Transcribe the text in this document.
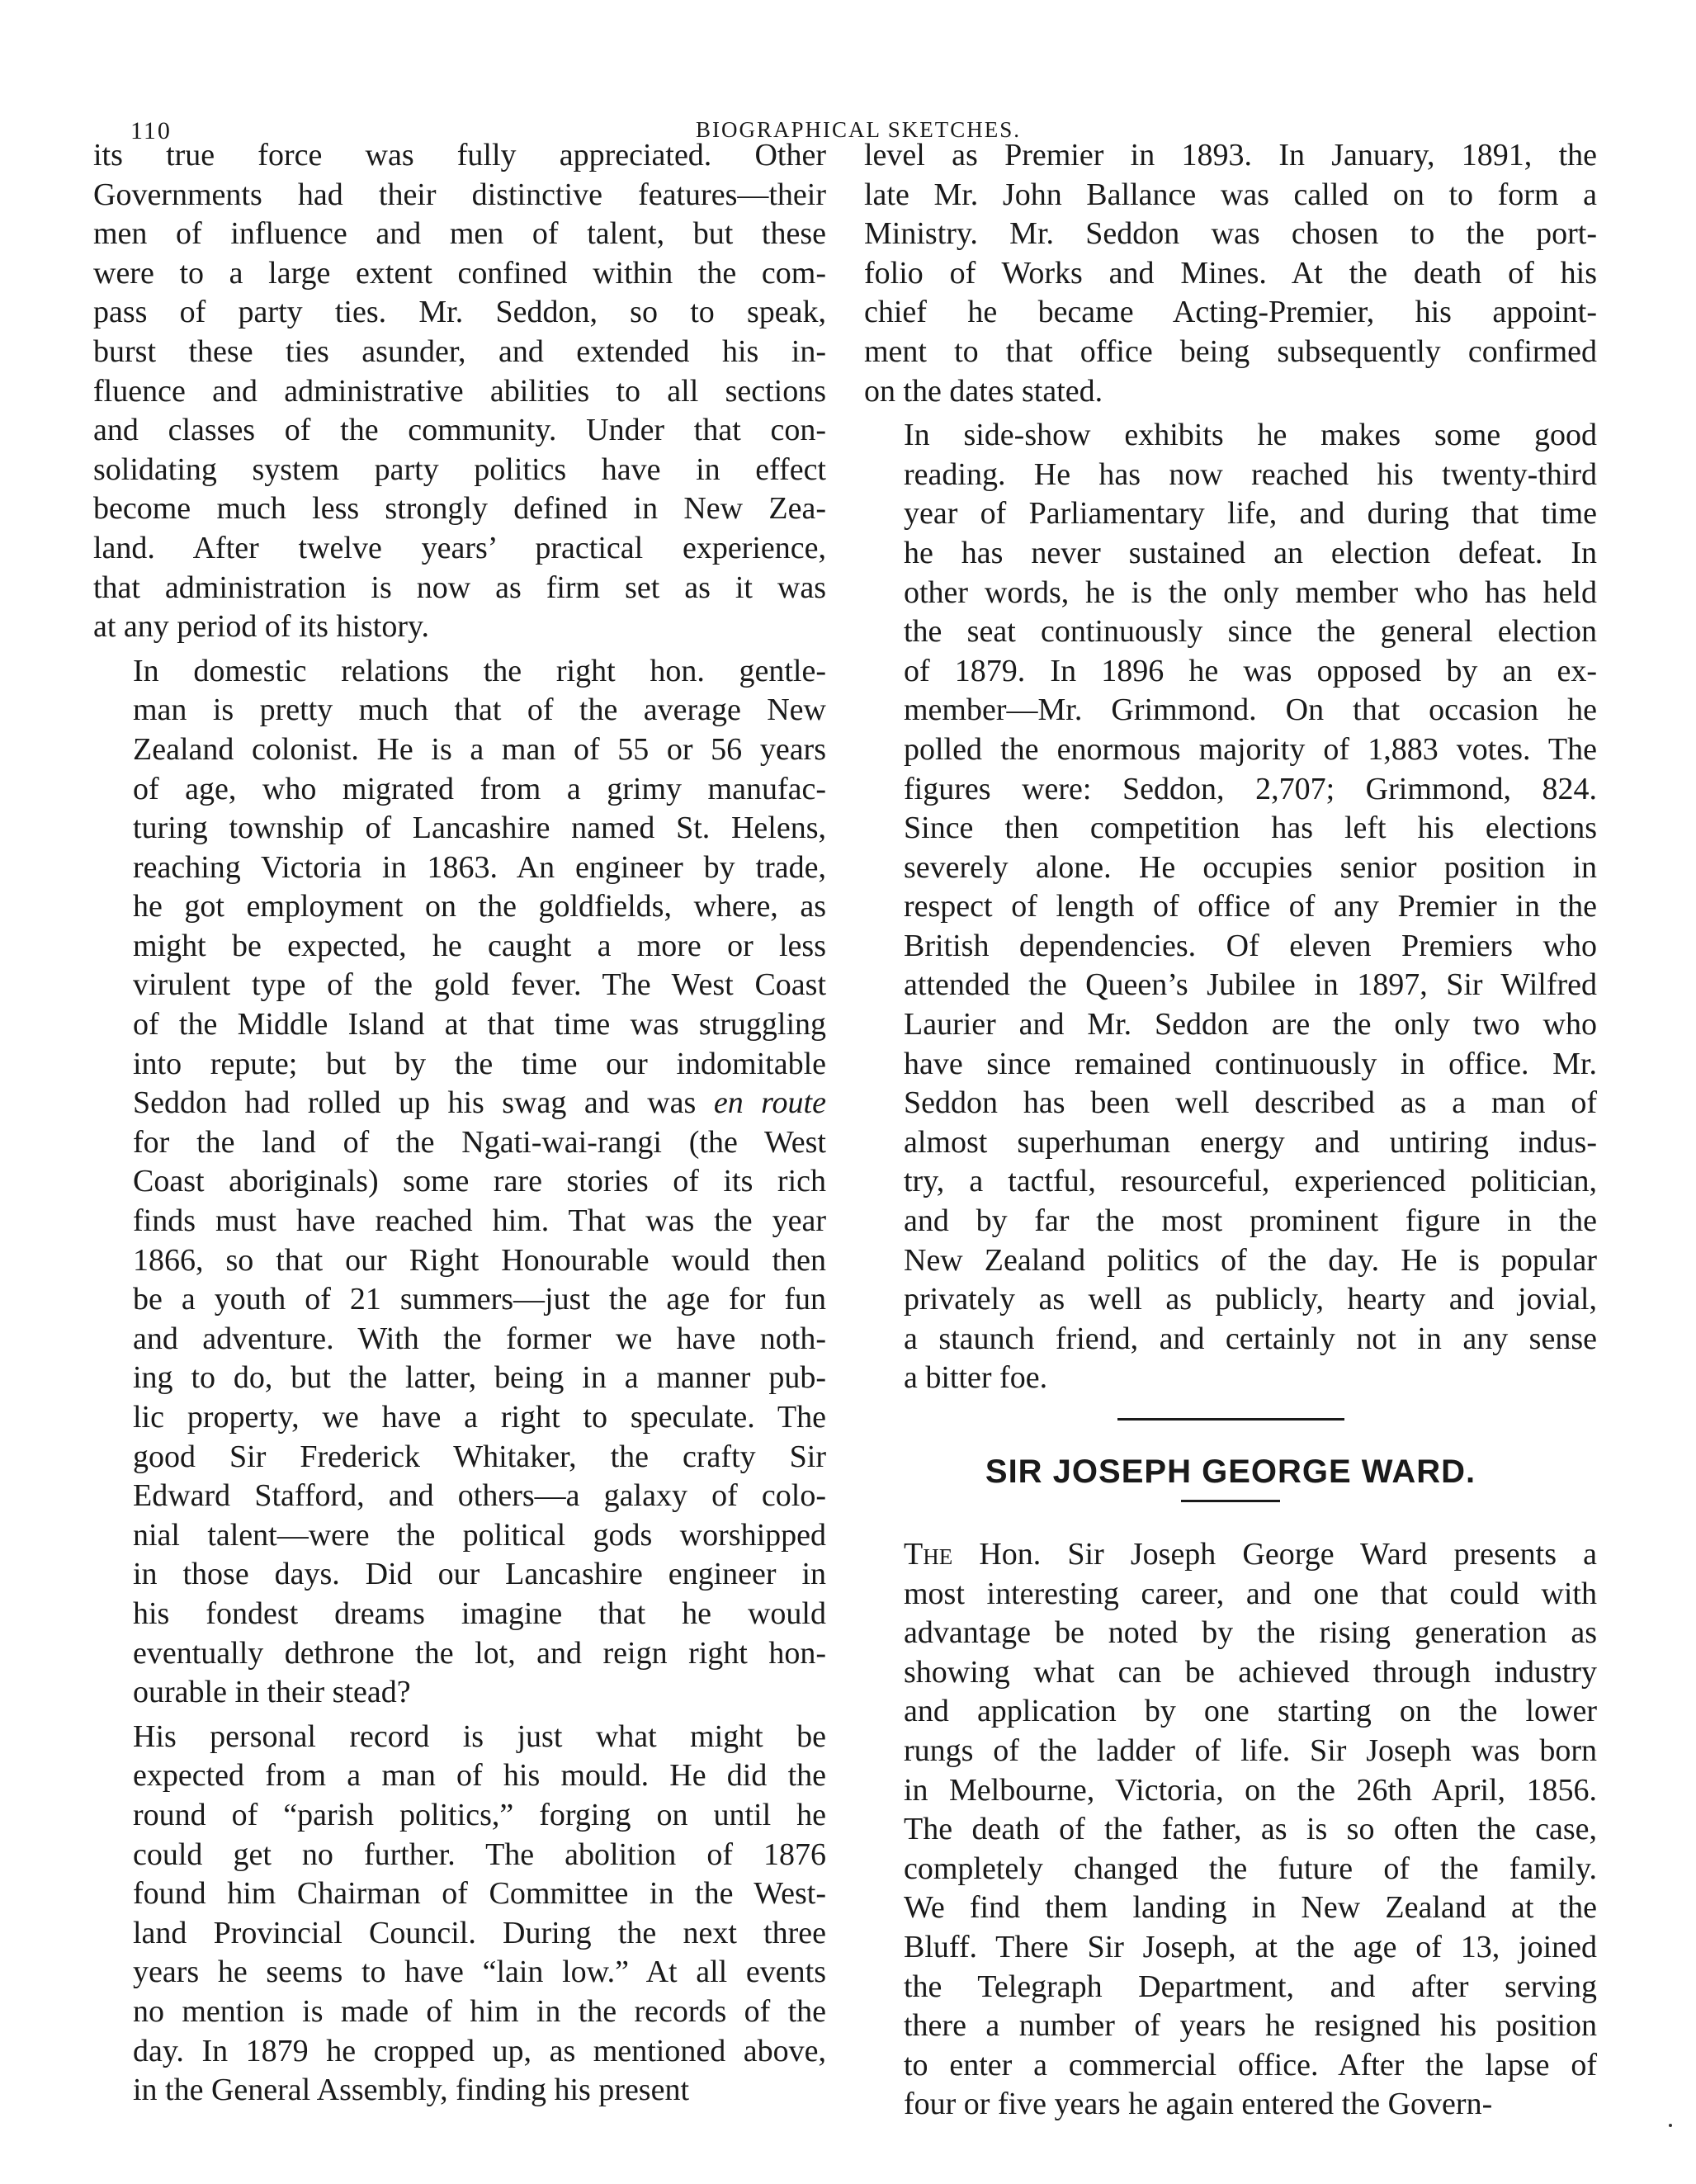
110	BIOGRAPHICAL SKETCHES.
its true force was fully appreciated. Other
Governments had their distinctive features—their
men of influence and men of talent, but these
were to a large extent confined within the com-
pass of party ties. Mr. Seddon, so to speak,
burst these ties asunder, and extended his in-
fluence and administrative abilities to all sections
and classes of the community. Under that con-
solidating system party politics have in effect
become much less strongly defined in New Zea-
land. After twelve years’ practical experience,
that administration is now as firm set as it was
at any period of its history.
In domestic relations the right hon. gentle-
man is pretty much that of the average New
Zealand colonist. He is a man of 55 or 56 years
of age, who migrated from a grimy manufac-
turing township of Lancashire named St. Helens,
reaching Victoria in 1863. An engineer by trade,
he got employment on the goldfields, where, as
might be expected, he caught a more or less
virulent type of the gold fever. The West Coast
of the Middle Island at that time was struggling
into repute; but by the time our indomitable
Seddon had rolled up his swag and was en route
for the land of the Ngati-wai-rangi (the West
Coast aboriginals) some rare stories of its rich
finds must have reached him. That was the year
1866, so that our Right Honourable would then
be a youth of 21 summers—just the age for fun
and adventure. With the former we have noth-
ing to do, but the latter, being in a manner pub-
lic property, we have a right to speculate. The
good Sir Frederick Whitaker, the crafty Sir
Edward Stafford, and others—a galaxy of colo-
nial talent—were the political gods worshipped
in those days. Did our Lancashire engineer in
his fondest dreams imagine that he would
eventually dethrone the lot, and reign right hon-
ourable in their stead?
His personal record is just what might be
expected from a man of his mould. He did the
round of “parish politics,” forging on until he
could get no further. The abolition of 1876
found him Chairman of Committee in the West-
land Provincial Council. During the next three
years he seems to have “lain low.” At all events
no mention is made of him in the records of the
day. In 1879 he cropped up, as mentioned above,
in the General Assembly, finding his present
level as Premier in 1893. In January, 1891, the
late Mr. John Ballance was called on to form a
Ministry. Mr. Seddon was chosen to the port-
folio of Works and Mines. At the death of his
chief he became Acting-Premier, his appoint-
ment to that office being subsequently confirmed
on the dates stated.
In side-show exhibits he makes some good
reading. He has now reached his twenty-third
year of Parliamentary life, and during that time
he has never sustained an election defeat. In
other words, he is the only member who has held
the seat continuously since the general election
of 1879. In 1896 he was opposed by an ex-
member—Mr. Grimmond. On that occasion he
polled the enormous majority of 1,883 votes. The
figures were: Seddon, 2,707; Grimmond, 824.
Since then competition has left his elections
severely alone. He occupies senior position in
respect of length of office of any Premier in the
British dependencies. Of eleven Premiers who
attended the Queen’s Jubilee in 1897, Sir Wilfred
Laurier and Mr. Seddon are the only two who
have since remained continuously in office. Mr.
Seddon has been well described as a man of
almost superhuman energy and untiring indus-
try, a tactful, resourceful, experienced politician,
and by far the most prominent figure in the
New Zealand politics of the day. He is popular
privately as well as publicly, hearty and jovial,
a staunch friend, and certainly not in any sense
a bitter foe.
SIR JOSEPH GEORGE WARD.
The Hon. Sir Joseph George Ward presents a
most interesting career, and one that could with
advantage be noted by the rising generation as
showing what can be achieved through industry
and application by one starting on the lower
rungs of the ladder of life. Sir Joseph was born
in Melbourne, Victoria, on the 26th April, 1856.
The death of the father, as is so often the case,
completely changed the future of the family.
We find them landing in New Zealand at the
Bluff. There Sir Joseph, at the age of 13, joined
the Telegraph Department, and after serving
there a number of years he resigned his position
to enter a commercial office. After the lapse of
four or five years he again entered the Govern-
